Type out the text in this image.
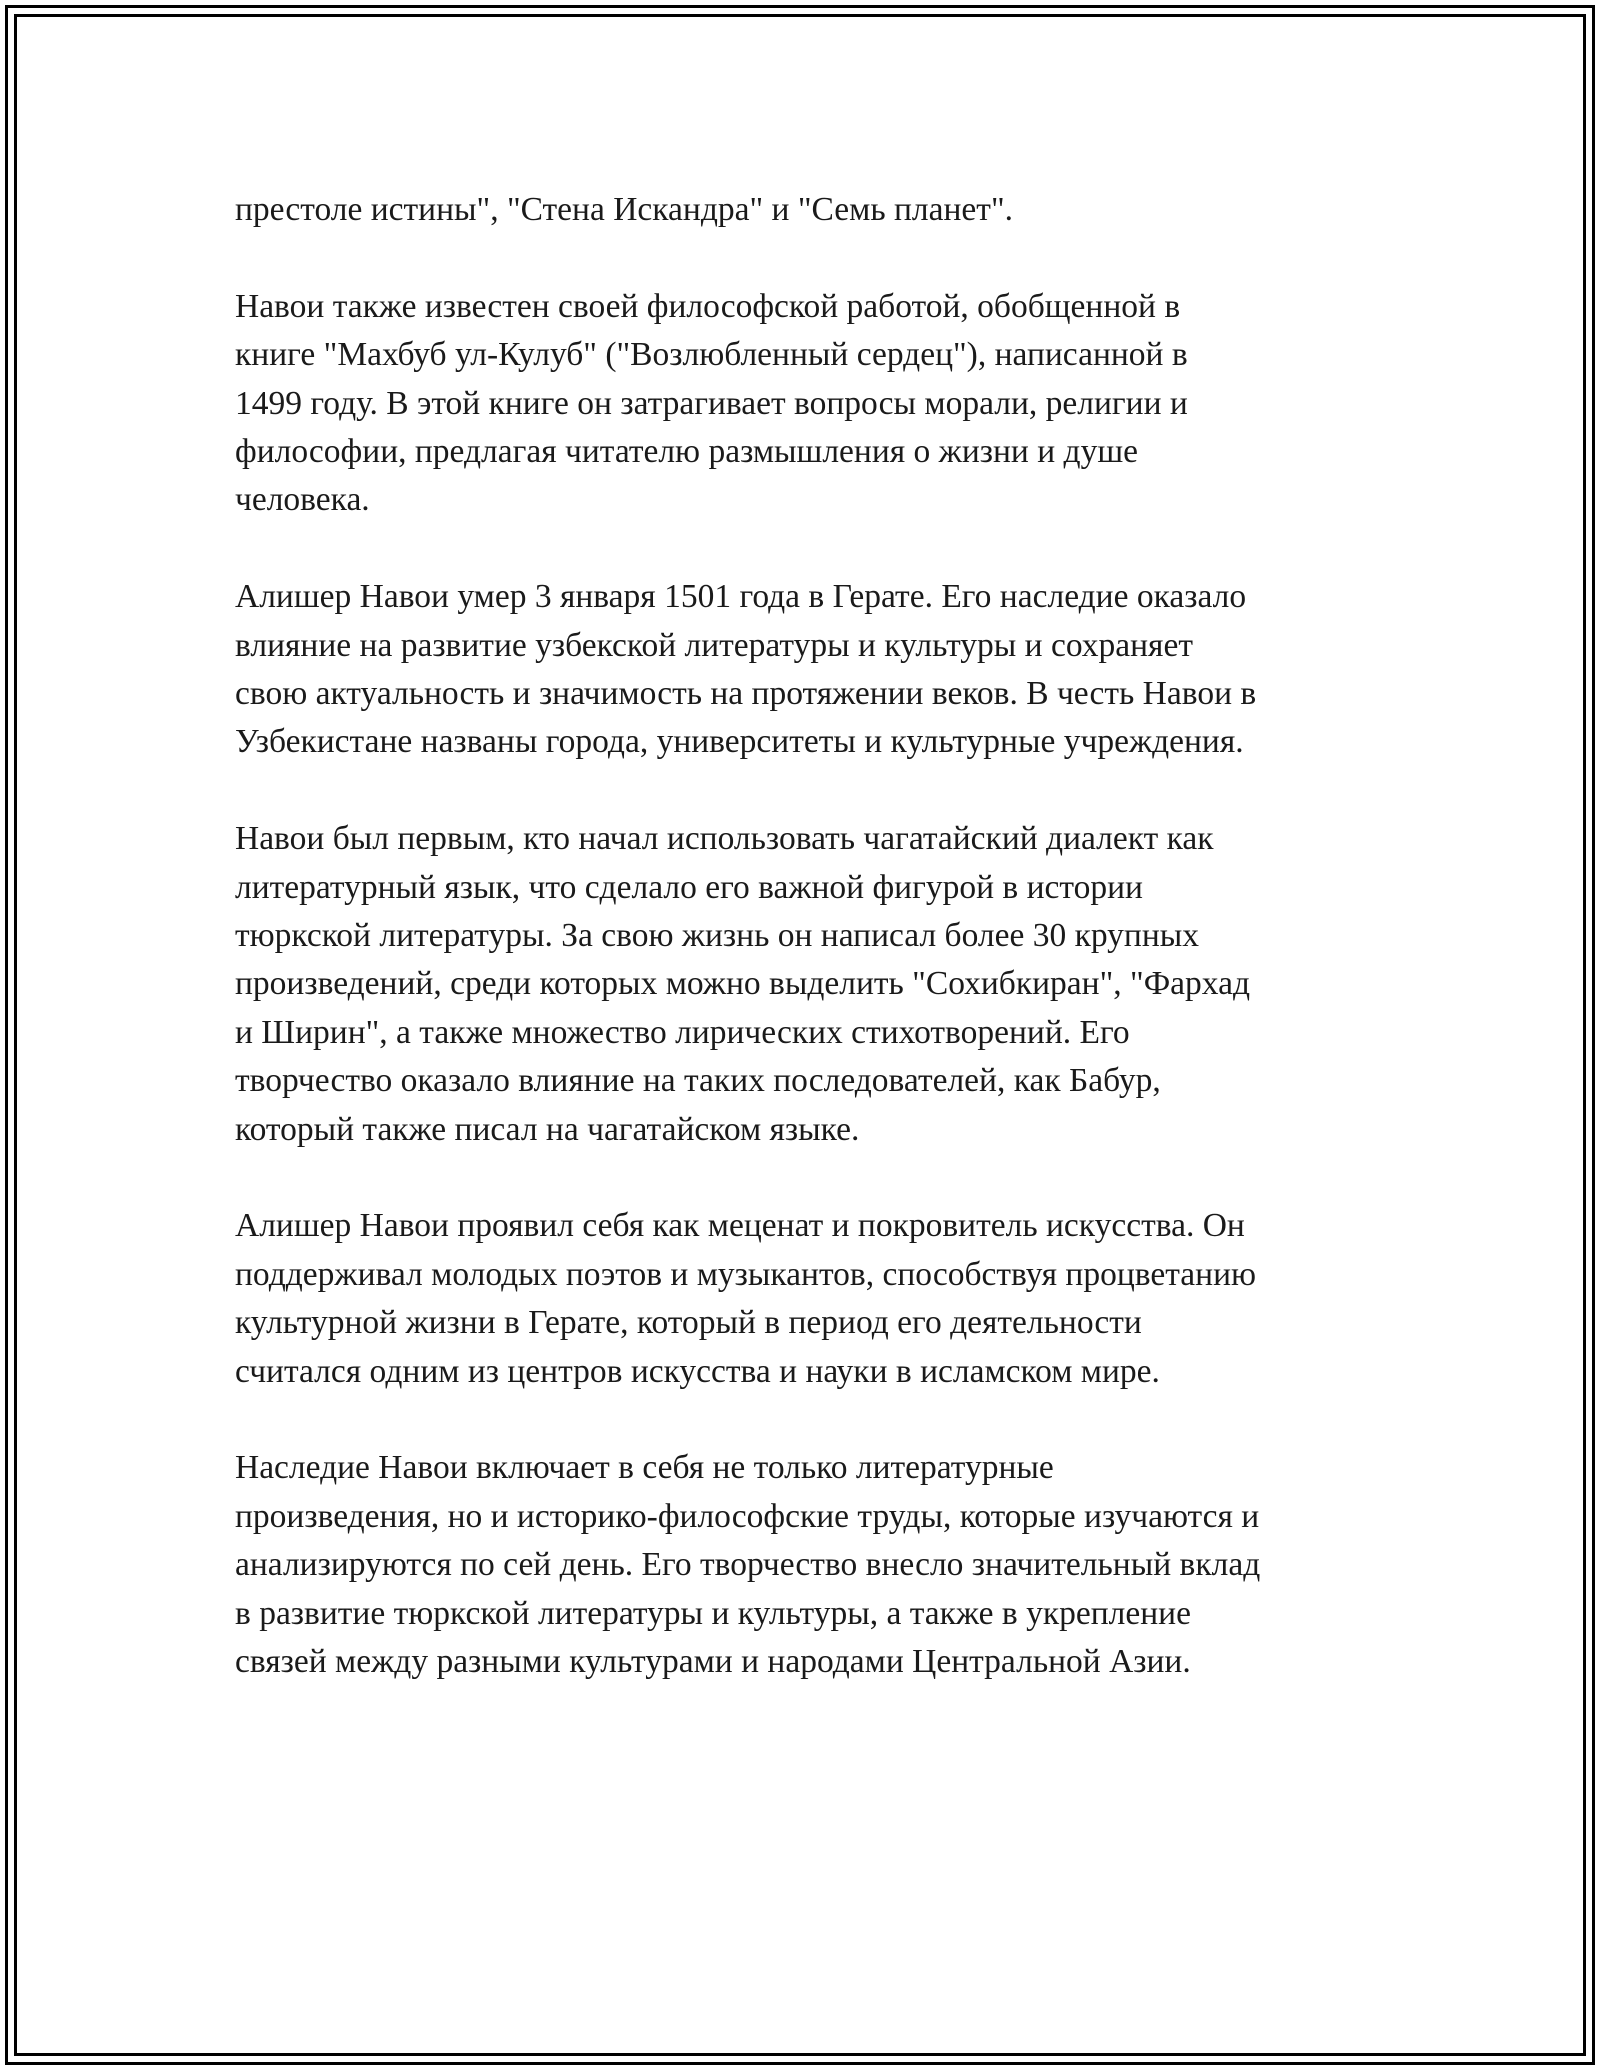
престоле истины", "Стена Искандра" и "Семь планет".

Навои также известен своей философской работой, обобщенной в
книге "Махбуб ул-Кулуб" ("Возлюбленный сердец"), написанной в
1499 году. В этой книге он затрагивает вопросы морали, религии и
философии, предлагая читателю размышления о жизни и душе
человека.

Алишер Навои умер 3 января 1501 года в Герате. Его наследие оказало
влияние на развитие узбекской литературы и культуры и сохраняет
свою актуальность и значимость на протяжении веков. В честь Навои в
Узбекистане названы города, университеты и культурные учреждения.

Навои был первым, кто начал использовать чагатайский диалект как
литературный язык, что сделало его важной фигурой в истории
тюркской литературы. За свою жизнь он написал более 30 крупных
произведений, среди которых можно выделить "Сохибкиран", "Фархад
и Ширин", а также множество лирических стихотворений. Его
творчество оказало влияние на таких последователей, как Бабур,
который также писал на чагатайском языке.

Алишер Навои проявил себя как меценат и покровитель искусства. Он
поддерживал молодых поэтов и музыкантов, способствуя процветанию
культурной жизни в Герате, который в период его деятельности
считался одним из центров искусства и науки в исламском мире.

Наследие Навои включает в себя не только литературные
произведения, но и историко-философские труды, которые изучаются и
анализируются по сей день. Его творчество внесло значительный вклад
в развитие тюркской литературы и культуры, а также в укрепление
связей между разными культурами и народами Центральной Азии.
